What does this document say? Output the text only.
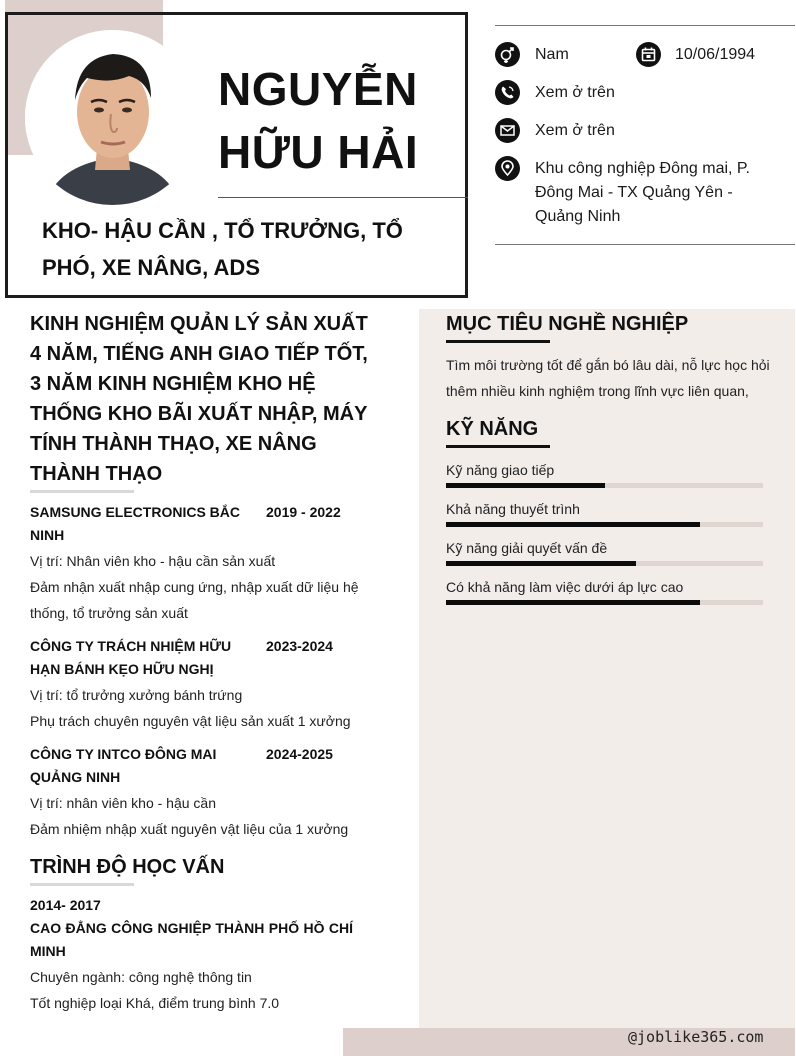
NGUYỄN HỮU HẢI
KHO- HẬU CẦN , TỔ TRƯỞNG, TỔ PHÓ, XE NÂNG, ADS
Nam	10/06/1994
Xem ở trên
Xem ở trên
Khu công nghiệp Đông mai, P. Đông Mai - TX Quảng Yên - Quảng Ninh
KINH NGHIỆM QUẢN LÝ SẢN XUẤT 4 NĂM, TIẾNG ANH GIAO TIẾP TỐT, 3 NĂM KINH NGHIỆM KHO HỆ THỐNG KHO BÃI XUẤT NHẬP, MÁY TÍNH THÀNH THẠO, XE NÂNG THÀNH THẠO
SAMSUNG ELECTRONICS BẮC NINH
2019 - 2022
Vị trí: Nhân viên kho - hậu cần sản xuất
Đảm nhận xuất nhập cung ứng, nhập xuất dữ liệu hệ thống, tổ trưởng sản xuất
CÔNG TY TRÁCH NHIỆM HỮU HẠN BÁNH KẸO HỮU NGHỊ
2023-2024
Vị trí: tổ trưởng xưởng bánh trứng
Phụ trách chuyên nguyên vật liệu sản xuất 1 xưởng
CÔNG TY INTCO ĐÔNG MAI QUẢNG NINH
2024-2025
Vị trí: nhân viên kho - hậu cần
Đảm nhiệm nhập xuất nguyên vật liệu của 1 xưởng
TRÌNH ĐỘ HỌC VẤN
2014- 2017
CAO ĐẲNG CÔNG NGHIỆP THÀNH PHỐ HỒ CHÍ MINH
Chuyên ngành: công nghệ thông tin
Tốt nghiệp loại Khá, điểm trung bình 7.0
MỤC TIÊU NGHỀ NGHIỆP
Tìm môi trường tốt để gắn bó lâu dài, nỗ lực học hỏi thêm nhiều kinh nghiệm trong lĩnh vực liên quan,
KỸ NĂNG
Kỹ năng giao tiếp
Khả năng thuyết trình
Kỹ năng giải quyết vấn đề
Có khả năng làm việc dưới áp lực cao
@joblike365.com
